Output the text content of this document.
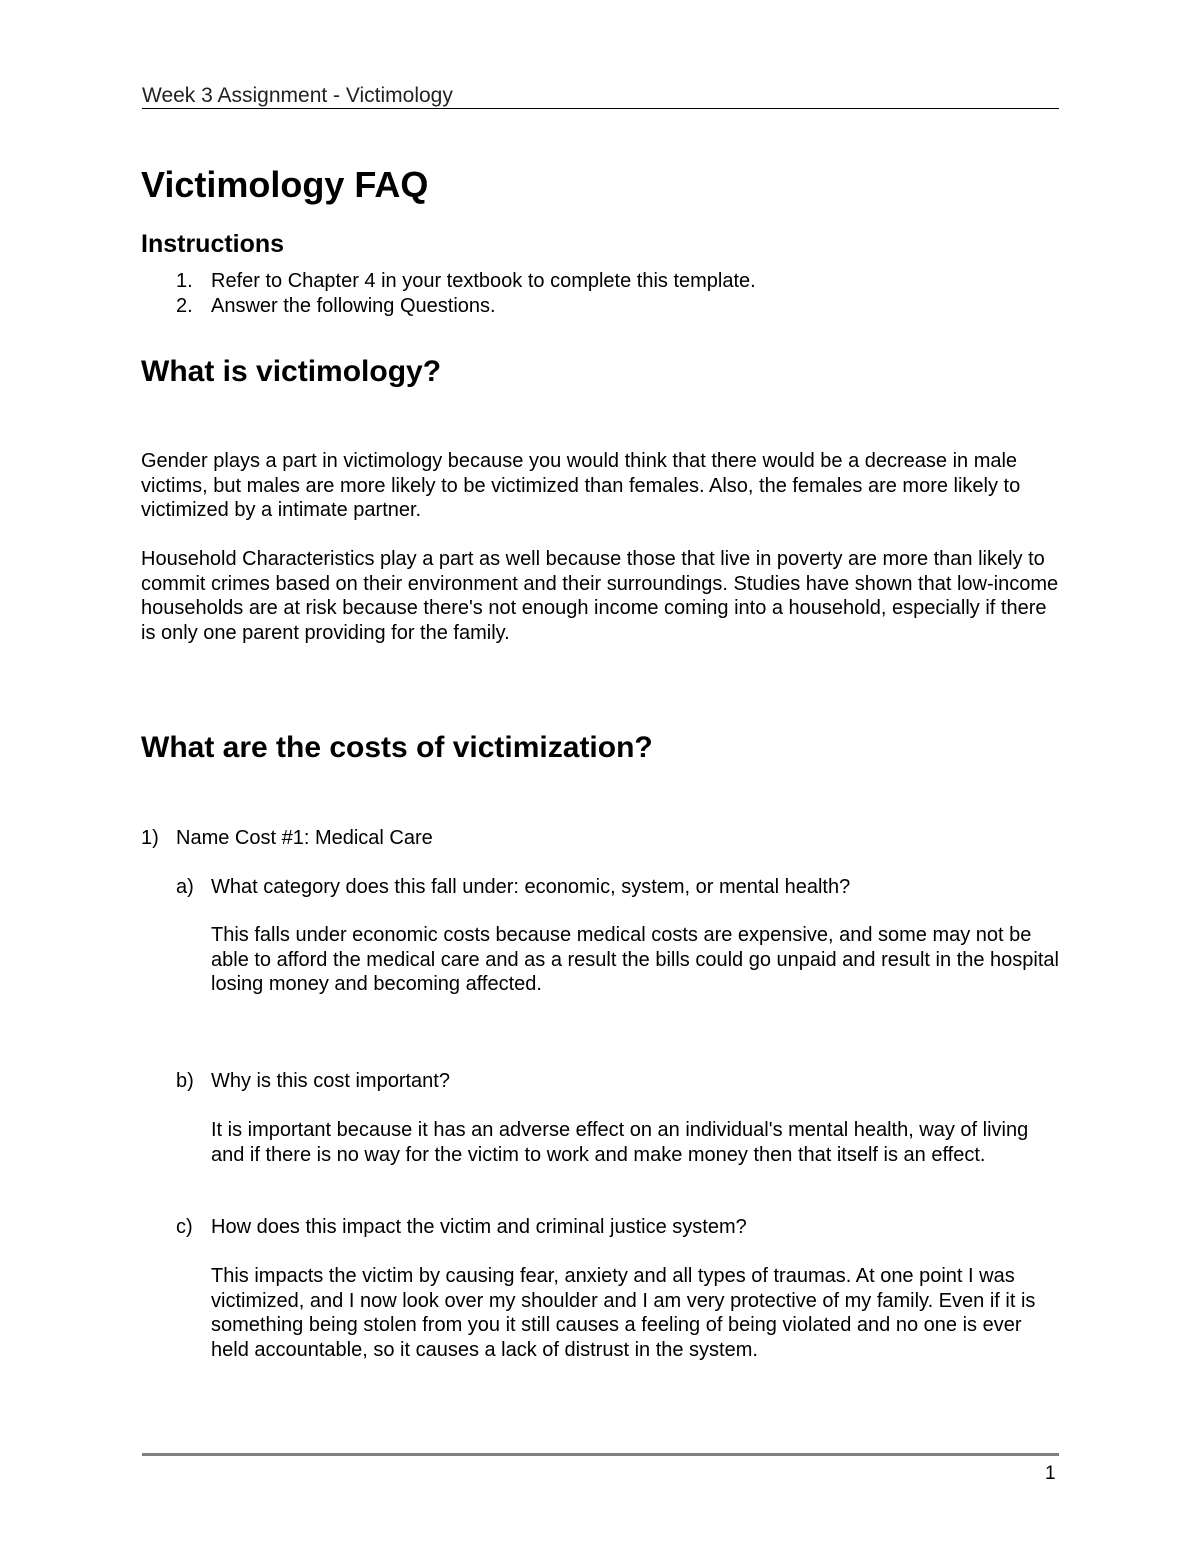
Week 3 Assignment - Victimology
Victimology FAQ
Instructions
1. Refer to Chapter 4 in your textbook to complete this template.
2. Answer the following Questions.
What is victimology?
Gender plays a part in victimology because you would think that there would be a decrease in male victims, but males are more likely to be victimized than females. Also, the females are more likely to victimized by a intimate partner.
Household Characteristics play a part as well because those that live in poverty are more than likely to commit crimes based on their environment and their surroundings. Studies have shown that low-income households are at risk because there's not enough income coming into a household, especially if there is only one parent providing for the family.
What are the costs of victimization?
1) Name Cost #1: Medical Care
a) What category does this fall under: economic, system, or mental health?
This falls under economic costs because medical costs are expensive, and some may not be able to afford the medical care and as a result the bills could go unpaid and result in the hospital losing money and becoming affected.
b) Why is this cost important?
It is important because it has an adverse effect on an individual's mental health, way of living and if there is no way for the victim to work and make money then that itself is an effect.
c) How does this impact the victim and criminal justice system?
This impacts the victim by causing fear, anxiety and all types of traumas. At one point I was victimized, and I now look over my shoulder and I am very protective of my family. Even if it is something being stolen from you it still causes a feeling of being violated and no one is ever held accountable, so it causes a lack of distrust in the system.
1
